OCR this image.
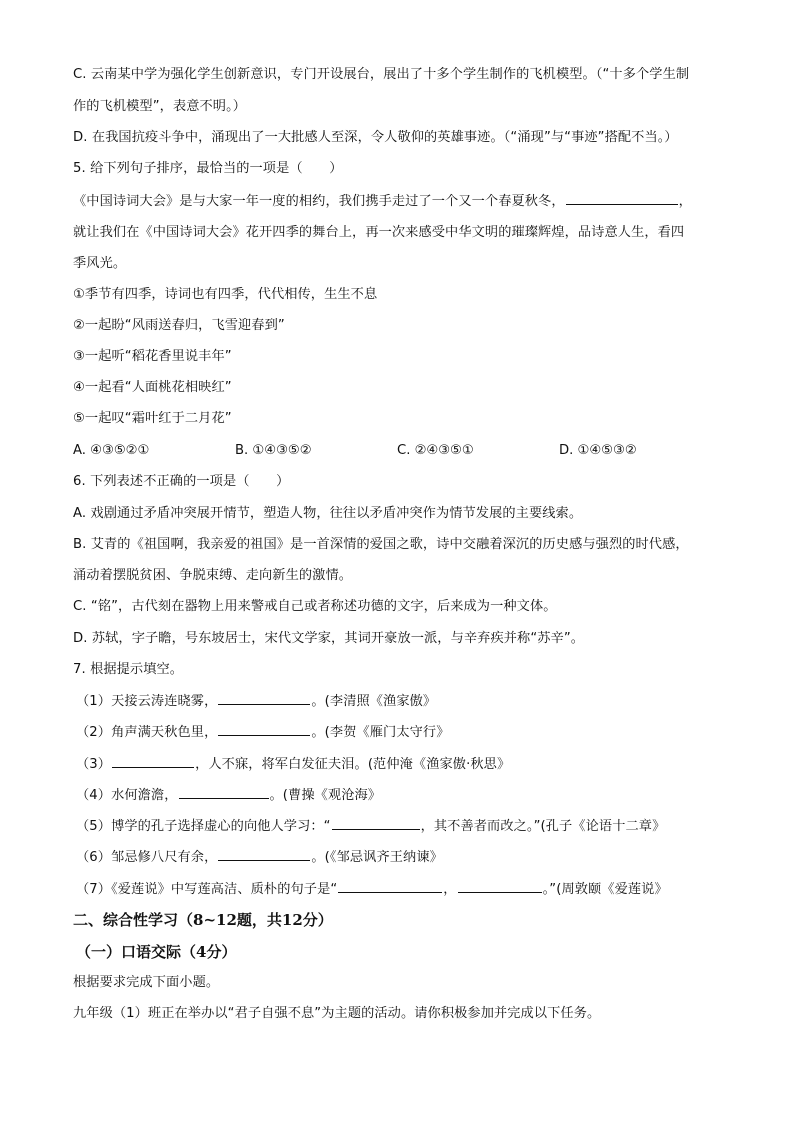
C. 云南某中学为强化学生创新意识，专门开设展台，展出了十多个学生制作的飞机模型。（“十多个学生制
作的飞机模型”，表意不明。）
D. 在我国抗疫斗争中，涌现出了一大批感人至深，令人敬仰的英雄事迹。（“涌现”与“事迹”搭配不当。）
5. 给下列句子排序，最恰当的一项是（　　）
《中国诗词大会》是与大家一年一度的相约，我们携手走过了一个又一个春夏秋冬，	，
就让我们在《中国诗词大会》花开四季的舞台上，再一次来感受中华文明的璀璨辉煌，品诗意人生，看四
季风光。
①季节有四季，诗词也有四季，代代相传，生生不息
②一起盼“风雨送春归，飞雪迎春到”
③一起听“稻花香里说丰年”
④一起看“人面桃花相映红”
⑤一起叹“霜叶红于二月花”
A. ④③⑤②①	B. ①④③⑤②	C. ②④③⑤①	D. ①④⑤③②
6. 下列表述不正确的一项是（　　）
A. 戏剧通过矛盾冲突展开情节，塑造人物，往往以矛盾冲突作为情节发展的主要线索。
B. 艾青的《祖国啊，我亲爱的祖国》是一首深情的爱国之歌，诗中交融着深沉的历史感与强烈的时代感，
涌动着摆脱贫困、争脱束缚、走向新生的激情。
C. “铭”，古代刻在器物上用来警戒自己或者称述功德的文字，后来成为一种文体。
D. 苏轼，字子瞻，号东坡居士，宋代文学家，其词开豪放一派，与辛弃疾并称“苏辛”。
7. 根据提示填空。
（1）天接云涛连晓雾，	。(李清照《渔家傲》
（2）角声满天秋色里，	。(李贺《雁门太守行》
（3）	，人不寐，将军白发征夫泪。(范仲淹《渔家傲·秋思》
（4）水何澹澹，	。(曹操《观沧海》
（5）博学的孔子选择虚心的向他人学习：“	，其不善者而改之。”(孔子《论语十二章》
（6）邹忌修八尺有余，	。(《邹忌讽齐王纳谏》
（7）《爱莲说》中写莲高洁、质朴的句子是“	，	。”(周敦颐《爱莲说》
二、综合性学习（8~12题，共12分）
（一）口语交际（4分）
根据要求完成下面小题。
九年级（1）班正在举办以“君子自强不息”为主题的活动。请你积极参加并完成以下任务。
